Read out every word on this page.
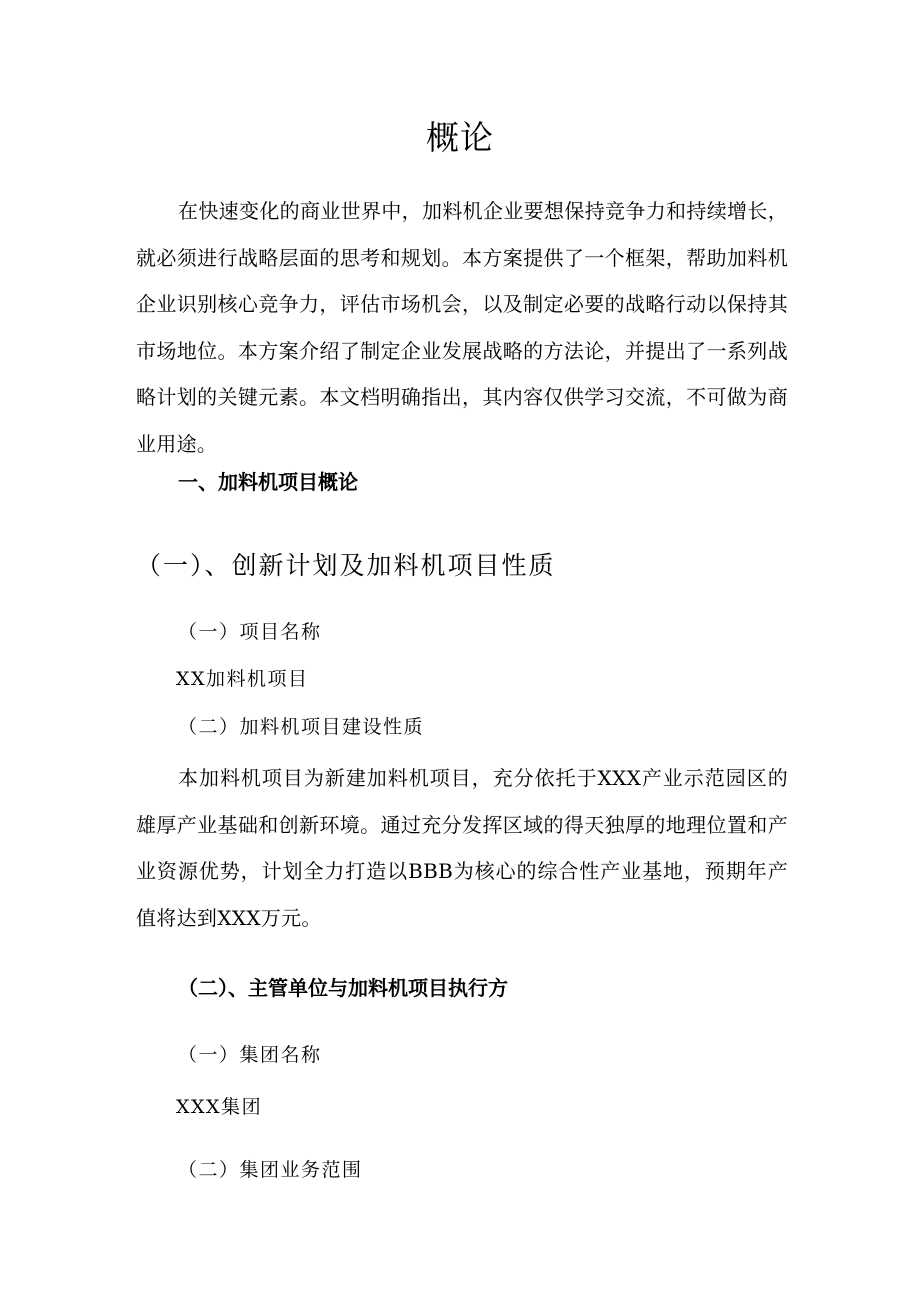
概论

在快速变化的商业世界中，加料机企业要想保持竞争力和持续增长，就必须进行战略层面的思考和规划。本方案提供了一个框架，帮助加料机企业识别核心竞争力，评估市场机会，以及制定必要的战略行动以保持其市场地位。本方案介绍了制定企业发展战略的方法论，并提出了一系列战略计划的关键元素。本文档明确指出，其内容仅供学习交流，不可做为商业用途。

一、加料机项目概论
（一）、创新计划及加料机项目性质
（一）项目名称
XX加料机项目
（二）加料机项目建设性质

本加料机项目为新建加料机项目，充分依托于XXX产业示范园区的雄厚产业基础和创新环境。通过充分发挥区域的得天独厚的地理位置和产业资源优势，计划全力打造以BBB为核心的综合性产业基地，预期年产值将达到XXX万元。

（二）、主管单位与加料机项目执行方
（一）集团名称
XXX集团
（二）集团业务范围
